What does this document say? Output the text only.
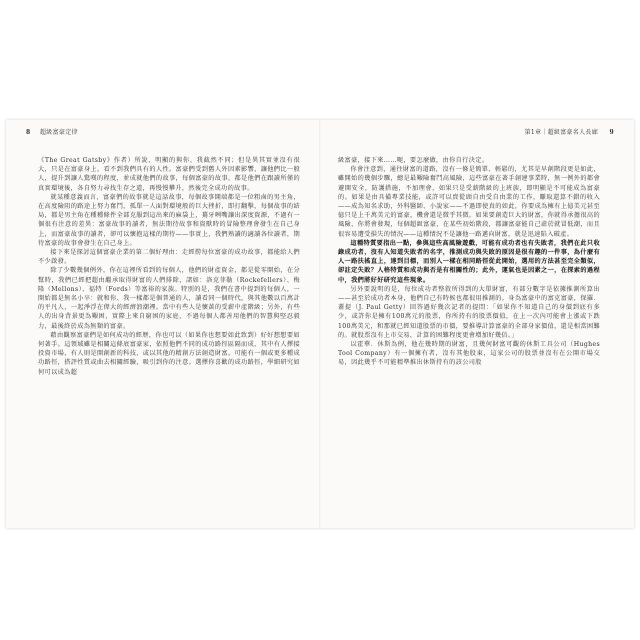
8 超級富豪定律

《The Great Gatsby》作者）所說，明顯的與你、我截然不同；但是異其實並沒有很大，只是在富豪身上，看不到我們具有的人性。富豪們受到舊人外因素影響，讓他們比一般人，提升到讓人驚嘆的程度，並成就他們的故事，每個富豪的故事，都是他們在跟讀所僅的真實環境後，各自努力尋找生存之道，再慢慢攀升，然後完全成功的故事。

就某種意義而言，富豪們的故事就是這話故事，每個故事開端都是一位粗鹵的男主角，在高度險阻的路途上努力奮鬥，孤單一人面對環境般的巨大挫折，即打翻擊，每個故事的結局，都是男主角在種種條件全部克服到這出來的麻袋上，驀牙咧嘴讓出深度資源，不過有一個很有注意的差異：富豪故事的讀者，無法期待故事和資獸時的冒險整理會發生在自己身上，而富豪故事的讀者，卻可以懷抱這樣的期待——事實上，我們熟讀的適讀各位讀者，期待富豪的故事會發生在自己身上。

接下來是探討這個富豪企業的第二個好理由：走經撈每位富豪的成功故事，都能給人們不少啟發。

除了少數幾個例外，你在這裡所看到的每個人，他們的財產資金，都是從零開始，在分幫時，我們已經把超由繼承取得財富的人們排除，諸如：洛克菲勒（Rockefellers）、梅隆（Mellons）、福特（Fords）等富裕的家族。特別的是，我們在書中提到的每個人，一開始都是無名小卒：就和你、我一樣都是個普通的人，讀看同一個時代，與其他數以百萬計的平凡人，一起淨浮在偉大的經濟浪潮裡。當中有些人是懷黃的受薪中產階級；另外，有些人的出身背景更為艱困，實際上來自窮困的家庭，不過每個人都善用他們的智慧與堅忍毅力，最後終於成為無類的富豪。

藉由觀察富豪們是如何成功的經歷，你也可以（如果你也想要如此致到）好好想想要如何著手。這領域雖是相關這條底富豪家，依照他們不同的成功路徑區隔而成，其中有人擇接投資市場，有人則是開創新的科技，或以其他的精創方法創造財富。可能有一個或更多種成功路徑，搭評性質或曲去相關經驗，吸引到你的注意。選擇你喜歡的成功路徑，學細研究如何可以成為超

第1章｜超級富豪名人長廊 9

級富豪，接下來……呃，要怎麼做，由你自行決定。

你會注意到，通往財富的道路，沒有一條是簡單、輕鬆的，尤其是早創階段更是如此，雖開始的幾個步驟，總是最艱險奮鬥高風險，這些富豪在著手創建事業時，無一例外的都會避開安全，防護措施，不加理會，如果只是受薪階級的上班族，即明顯是不可能成為富豪的。如果是由具備專業技能，或許可以賣從頭自由受自由業的工作，賺取還算不錯的收入——成為知名求助，外科醫師、小說家——不過即使真的如此，你要成為擁有上億美元甚至億只是上千萬美元的富豪，機會還是微乎其微。如果要創造巨大的財富，你就得承擔很高的風險，你將會發現，每個超級富豪，在某些初始階段，都讓富豪能自己虛於就冒低潮，而且很容易遭受損失的情況——這種情況不是讓他一路邁向財富，就是迅速陷入破產。

這種特質要指出一點，參與這些高風險遊戲，可能有成功者也有失敗者，我們在此只收錄成功者，沒有人知道失敗者的名字，推測成功與失敗的原因是很有趣的一件事，為什麼有人一路扶搖直上，達到目標，而別人一樣在相同路徑從此開始，選用的方法甚至完全類似，卻註定失敗？人格特質和成功與否是有相關性的；此外，運氣也是因素之一，在探索的過程中，我們將好好研究這些現象。

另外要說明的是，每位成功者整敘所得到的大單財富，有部分數字是依據推測所算出——甚至於成功者本身，他們自己有時候也都很用推測的。身為富豪中的富克富豪，保羅．蓋提（J. Paul Getty）回答過好幾次記者的提問：「如果你不知道自己的身價到底有多少，或許你是擁有100萬元的股票，你所持有的股票價值，在上一次內可能會上漲或下跌100萬美元，和那就已經知道股票的市價，要推導計算富豪的全部身家價值，還是相當困難的。就股票沒有上市交易，計算的困難程度更會增加好幾倍。」

以霍華．休斯為例，他在幾時期的財富，且幾何財富可觀的休斯工具公司（Hughes Tool Company）有一個擁有者，沒有其他股東，這家公司的股票並沒有在公開市場交易，因此幾乎不可能精準推出休斯持有的該公司股
